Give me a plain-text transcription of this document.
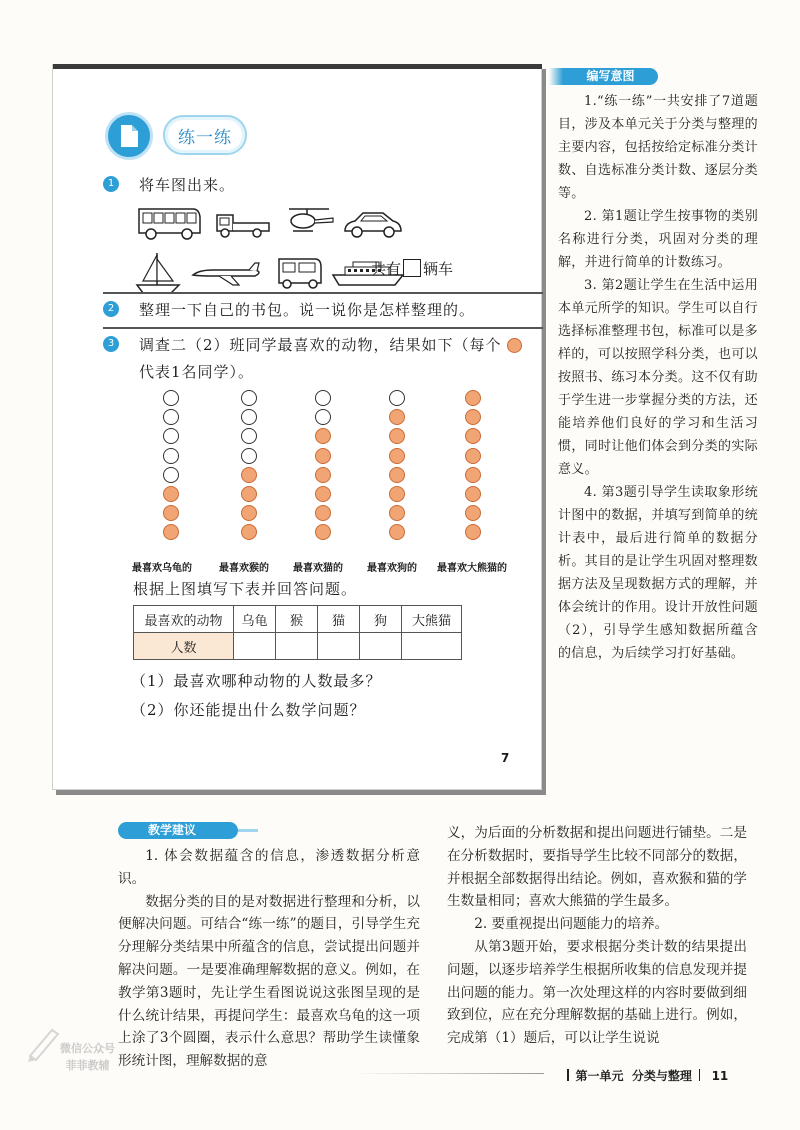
练一练
1	将车图出来。
共有 辆车
2	整理一下自己的书包。说一说你是怎样整理的。
3	调查二（2）班同学最喜欢的动物，结果如下（每个
代表1名同学）。
最喜欢乌龟的	最喜欢猴的 最喜欢猫的 最喜欢狗的 最喜欢大熊猫的
根据上图填写下表并回答问题。
最喜欢的动物	乌龟	猴	猫	狗	大熊猫
人数					
（1）最喜欢哪种动物的人数最多？
（2）你还能提出什么数学问题？
7
编写意图

1.“练一练”一共安排了7道题目，涉及本单元关于分类与整理的主要内容，包括按给定标准分类计数、自选标准分类计数、逐层分类等。

2. 第1题让学生按事物的类别名称进行分类，巩固对分类的理解，并进行简单的计数练习。

3. 第2题让学生在生活中运用本单元所学的知识。学生可以自行选择标准整理书包，标准可以是多样的，可以按照学科分类，也可以按照书、练习本分类。这不仅有助于学生进一步掌握分类的方法，还能培养他们良好的学习和生活习惯，同时让他们体会到分类的实际意义。

4. 第3题引导学生读取象形统计图中的数据，并填写到简单的统计表中，最后进行简单的数据分析。其目的是让学生巩固对整理数据方法及呈现数据方式的理解，并体会统计的作用。设计开放性问题（2），引导学生感知数据所蕴含的信息，为后续学习打好基础。

教学建议

1. 体会数据蕴含的信息，渗透数据分析意识。

数据分类的目的是对数据进行整理和分析，以便解决问题。可结合“练一练”的题目，引导学生充分理解分类结果中所蕴含的信息，尝试提出问题并解决问题。一是要准确理解数据的意义。例如，在教学第3题时，先让学生看图说说这张图呈现的是什么统计结果，再提问学生：最喜欢乌龟的这一项上涂了3个圆圈，表示什么意思？帮助学生读懂象形统计图，理解数据的意

义，为后面的分析数据和提出问题进行铺垫。二是在分析数据时，要指导学生比较不同部分的数据，并根据全部数据得出结论。例如，喜欢猴和猫的学生数量相同；喜欢大熊猫的学生最多。

2. 要重视提出问题能力的培养。

从第3题开始，要求根据分类计数的结果提出问题，以逐步培养学生根据所收集的信息发现并提出问题的能力。第一次处理这样的内容时要做到细致到位，应在充分理解数据的基础上进行。例如，完成第（1）题后，可以让学生说说

第一单元 分类与整理 11
微信公众号
菲菲教辅
